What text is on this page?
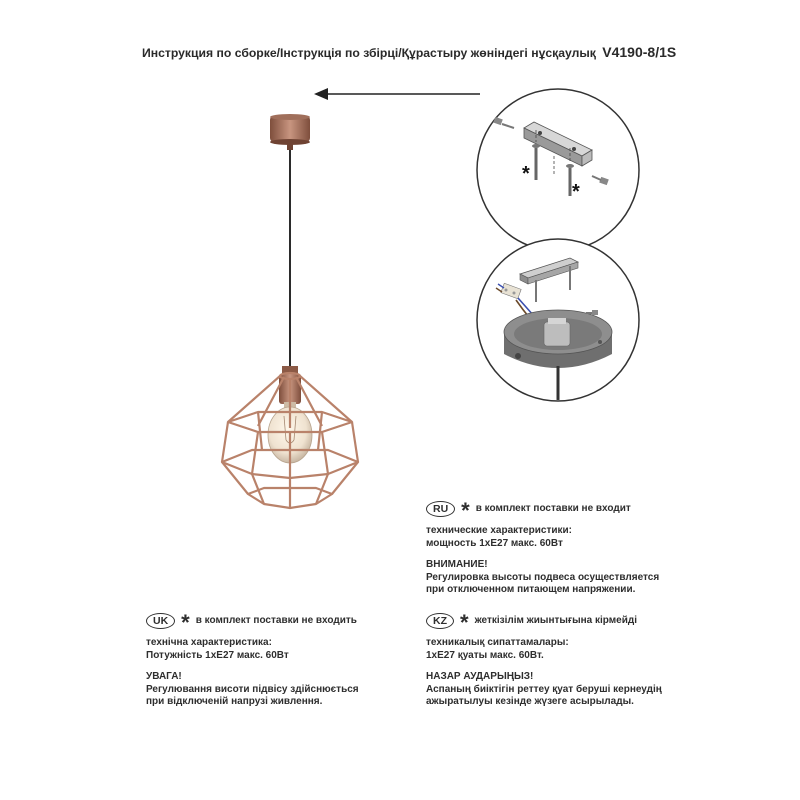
Инструкция по сборке/Інструкція по збірці/Құрастыру жөніндегі нұсқаулық V4190-8/1S
*
*
RU * в комплект поставки не входит
технические характеристики:
мощность 1xE27 макс. 60Вт
ВНИМАНИЕ!
Регулировка высоты подвеса осуществляется
при отключенном питающем напряжении.
UK * в комплект поставки не входить
технічна характеристика:
Потужність 1хЕ27 макс. 60Вт
УВАГА!
Регулювання висоти підвісу здійснюється
при відключеній напрузі живлення.
KZ * жеткізілім жиынтығына кірмейді
техникалық сипаттамалары:
1хЕ27 қуаты макс. 60Вт.
НАЗАР АУДАРЫҢЫЗ!
Аспаның биіктігін реттеу қуат беруші кернеудің
ажыратылуы кезінде жүзеге асырылады.
